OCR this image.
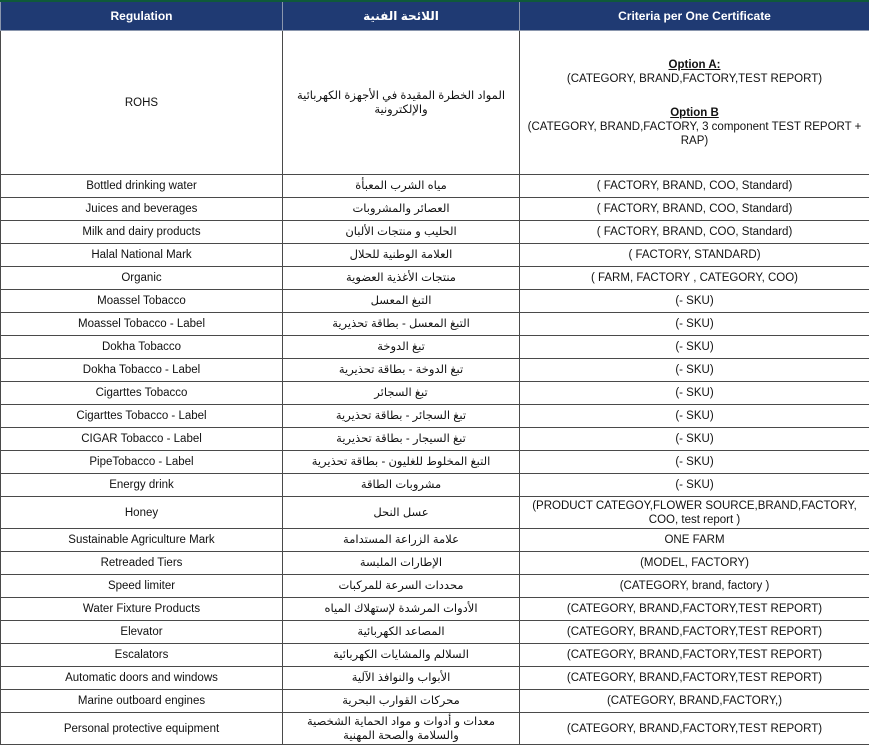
Regulation	اللائحة الفنية	Criteria per One Certificate
ROHS	المواد الخطرة المقيدة في الأجهزة الكهربائية والإلكترونية	Option A:
(CATEGORY, BRAND,FACTORY,TEST REPORT)
Option B
(CATEGORY, BRAND,FACTORY, 3 component TEST REPORT + RAP)

Bottled drinking water	مياه الشرب المعبأة	( FACTORY, BRAND, COO, Standard)
Juices and beverages	العصائر والمشروبات	( FACTORY, BRAND, COO, Standard)
Milk and dairy products	الحليب و منتجات الألبان	( FACTORY, BRAND, COO, Standard)
Halal National Mark	العلامة الوطنية للحلال	( FACTORY, STANDARD)
Organic	منتجات الأغذية العضوية	( FARM, FACTORY , CATEGORY, COO)
Moassel Tobacco	التبغ المعسل	(- SKU)
Moassel Tobacco - Label	التبغ المعسل - بطاقة تحذيرية	(- SKU)
Dokha Tobacco	تبغ الدوخة	(- SKU)
Dokha Tobacco - Label	تبغ الدوخة - بطاقة تحذيرية	(- SKU)
Cigarttes Tobacco	تبغ السجائر	(- SKU)
Cigarttes Tobacco - Label	تبغ السجائر - بطاقة تحذيرية	(- SKU)
CIGAR Tobacco - Label	تبغ السيجار - بطاقة تحذيرية	(- SKU)
PipeTobacco - Label	التبغ المخلوط للغليون - بطاقة تحذيرية	(- SKU)
Energy drink	مشروبات الطاقة	(- SKU)
Honey	عسل النحل	(PRODUCT CATEGOY,FLOWER SOURCE,BRAND,FACTORY, COO, test report )
Sustainable Agriculture Mark	علامة الزراعة المستدامة	ONE FARM
Retreaded Tiers	الإطارات الملبسة	(MODEL, FACTORY)
Speed limiter	محددات السرعة للمركبات	(CATEGORY, brand, factory )
Water Fixture Products	الأدوات المرشدة لإستهلاك المياه	(CATEGORY, BRAND,FACTORY,TEST REPORT)
Elevator	المصاعد الكهربائية	(CATEGORY, BRAND,FACTORY,TEST REPORT)
Escalators	السلالم والمشايات الكهربائية	(CATEGORY, BRAND,FACTORY,TEST REPORT)
Automatic doors and windows	الأبواب والنوافذ الآلية	(CATEGORY, BRAND,FACTORY,TEST REPORT)
Marine outboard engines	محركات القوارب البحرية	(CATEGORY, BRAND,FACTORY,)
Personal protective equipment	معدات و أدوات و مواد الحماية الشخصية والسلامة والصحة المهنية	(CATEGORY, BRAND,FACTORY,TEST REPORT)
